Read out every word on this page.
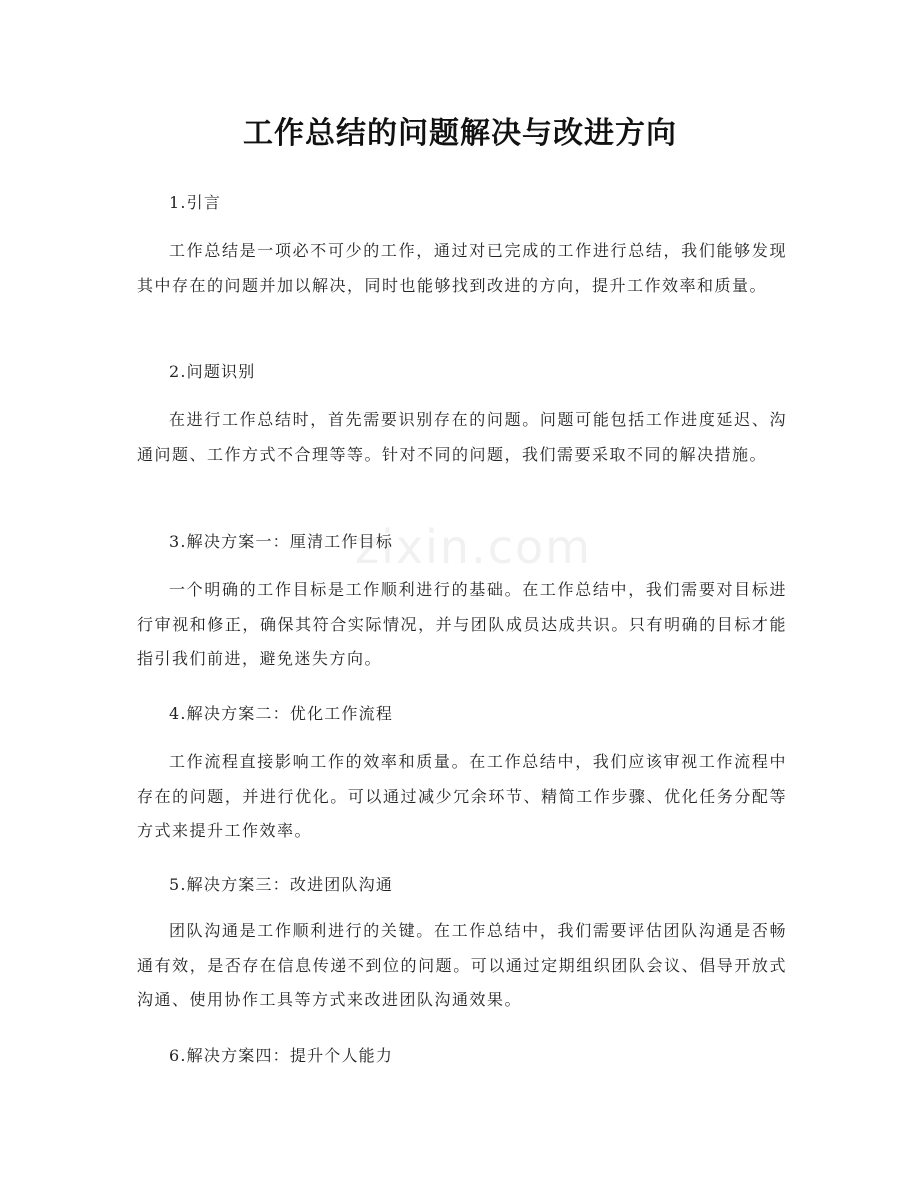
zixin.com
工作总结的问题解决与改进方向
1.引言
工作总结是一项必不可少的工作，通过对已完成的工作进行总结，我们能够发现其中存在的问题并加以解决，同时也能够找到改进的方向，提升工作效率和质量。
2.问题识别
在进行工作总结时，首先需要识别存在的问题。问题可能包括工作进度延迟、沟通问题、工作方式不合理等等。针对不同的问题，我们需要采取不同的解决措施。
3.解决方案一：厘清工作目标
一个明确的工作目标是工作顺利进行的基础。在工作总结中，我们需要对目标进行审视和修正，确保其符合实际情况，并与团队成员达成共识。只有明确的目标才能指引我们前进，避免迷失方向。
4.解决方案二：优化工作流程
工作流程直接影响工作的效率和质量。在工作总结中，我们应该审视工作流程中存在的问题，并进行优化。可以通过减少冗余环节、精简工作步骤、优化任务分配等方式来提升工作效率。
5.解决方案三：改进团队沟通
团队沟通是工作顺利进行的关键。在工作总结中，我们需要评估团队沟通是否畅通有效，是否存在信息传递不到位的问题。可以通过定期组织团队会议、倡导开放式沟通、使用协作工具等方式来改进团队沟通效果。
6.解决方案四：提升个人能力
